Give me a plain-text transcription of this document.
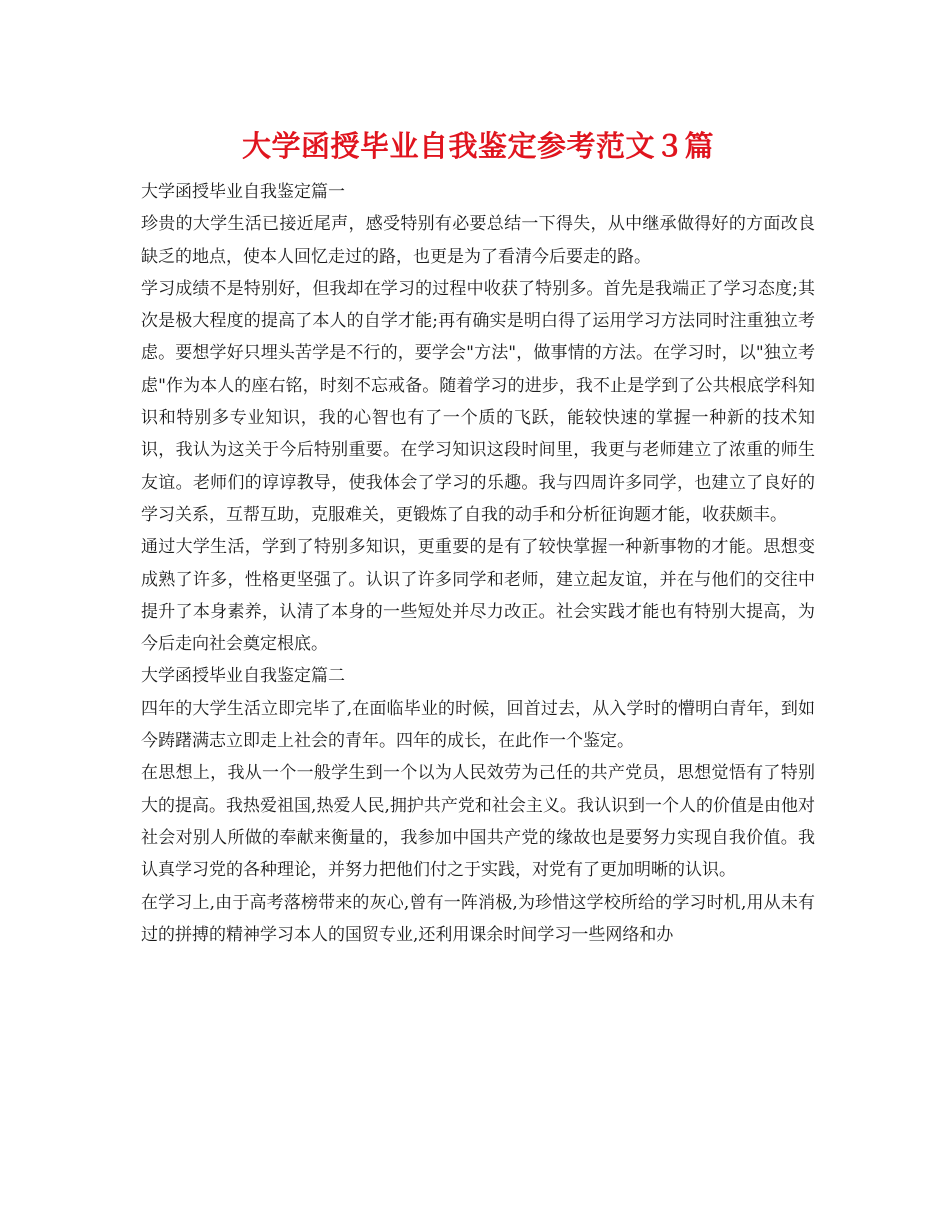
大学函授毕业自我鉴定参考范文３篇

大学函授毕业自我鉴定篇一

珍贵的大学生活已接近尾声，感受特别有必要总结一下得失，从中继承做得好的方面改良缺乏的地点，使本人回忆走过的路，也更是为了看清今后要走的路。

学习成绩不是特别好，但我却在学习的过程中收获了特别多。首先是我端正了学习态度;其次是极大程度的提高了本人的自学才能;再有确实是明白得了运用学习方法同时注重独立考虑。要想学好只埋头苦学是不行的，要学会"方法"，做事情的方法。在学习时，以"独立考虑"作为本人的座右铭，时刻不忘戒备。随着学习的进步，我不止是学到了公共根底学科知识和特别多专业知识，我的心智也有了一个质的飞跃，能较快速的掌握一种新的技术知识，我认为这关于今后特别重要。在学习知识这段时间里，我更与老师建立了浓重的师生友谊。老师们的谆谆教导，使我体会了学习的乐趣。我与四周许多同学，也建立了良好的学习关系，互帮互助，克服难关，更锻炼了自我的动手和分析征询题才能，收获颇丰。

通过大学生活，学到了特别多知识，更重要的是有了较快掌握一种新事物的才能。思想变成熟了许多，性格更坚强了。认识了许多同学和老师，建立起友谊，并在与他们的交往中提升了本身素养，认清了本身的一些短处并尽力改正。社会实践才能也有特别大提高，为今后走向社会奠定根底。

大学函授毕业自我鉴定篇二

四年的大学生活立即完毕了,在面临毕业的时候，回首过去，从入学时的懵明白青年，到如今踌躇满志立即走上社会的青年。四年的成长，在此作一个鉴定。

在思想上，我从一个一般学生到一个以为人民效劳为己任的共产党员，思想觉悟有了特别大的提高。我热爱祖国,热爱人民,拥护共产党和社会主义。我认识到一个人的价值是由他对社会对别人所做的奉献来衡量的，我参加中国共产党的缘故也是要努力实现自我价值。我认真学习党的各种理论，并努力把他们付之于实践，对党有了更加明晰的认识。

在学习上,由于高考落榜带来的灰心,曾有一阵消极,为珍惜这学校所给的学习时机,用从未有过的拼搏的精神学习本人的国贸专业,还利用课余时间学习一些网络和办
